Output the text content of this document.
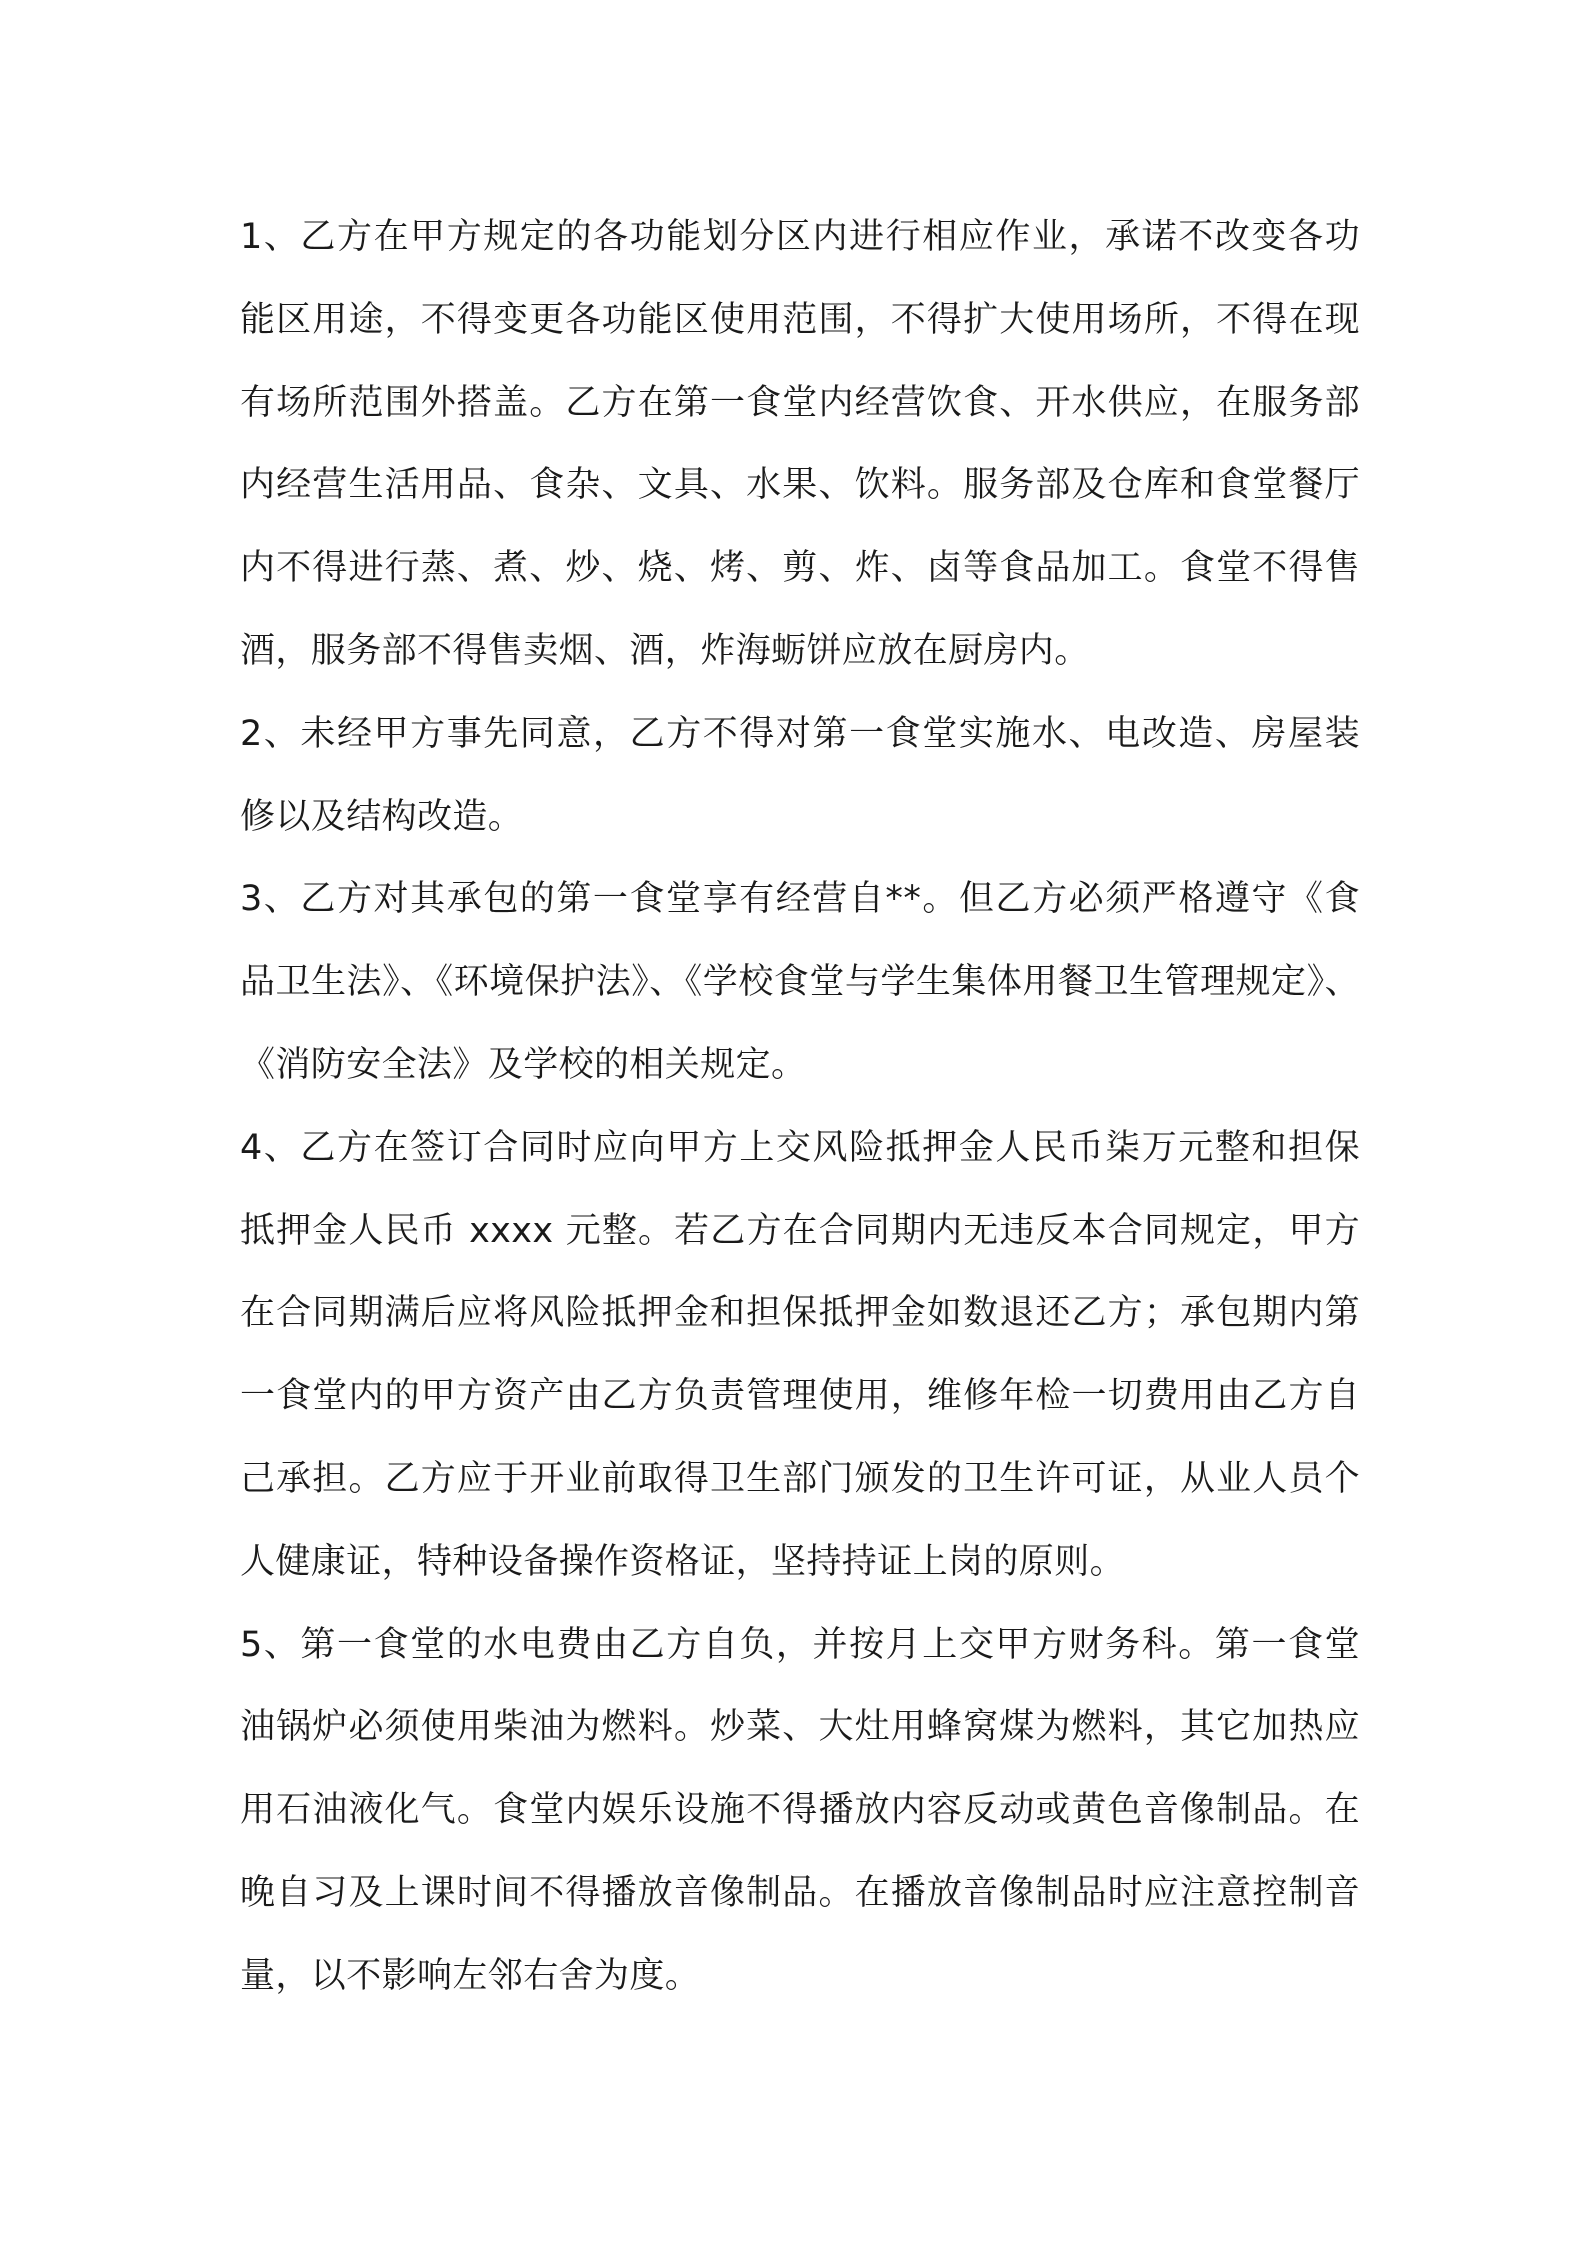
1、乙方在甲方规定的各功能划分区内进行相应作业，承诺不改变各功能区用途，不得变更各功能区使用范围，不得扩大使用场所，不得在现有场所范围外搭盖。乙方在第一食堂内经营饮食、开水供应，在服务部内经营生活用品、食杂、文具、水果、饮料。服务部及仓库和食堂餐厅内不得进行蒸、煮、炒、烧、烤、剪、炸、卤等食品加工。食堂不得售酒，服务部不得售卖烟、酒，炸海蛎饼应放在厨房内。

2、未经甲方事先同意，乙方不得对第一食堂实施水、电改造、房屋装修以及结构改造。

3、乙方对其承包的第一食堂享有经营自**。但乙方必须严格遵守《食品卫生法》、《环境保护法》、《学校食堂与学生集体用餐卫生管理规定》、《消防安全法》及学校的相关规定。

4、乙方在签订合同时应向甲方上交风险抵押金人民币柒万元整和担保抵押金人民币 xxxx 元整。若乙方在合同期内无违反本合同规定，甲方在合同期满后应将风险抵押金和担保抵押金如数退还乙方；承包期内第一食堂内的甲方资产由乙方负责管理使用，维修年检一切费用由乙方自己承担。乙方应于开业前取得卫生部门颁发的卫生许可证，从业人员个人健康证，特种设备操作资格证，坚持持证上岗的原则。

5、第一食堂的水电费由乙方自负，并按月上交甲方财务科。第一食堂油锅炉必须使用柴油为燃料。炒菜、大灶用蜂窝煤为燃料，其它加热应用石油液化气。食堂内娱乐设施不得播放内容反动或黄色音像制品。在晚自习及上课时间不得播放音像制品。在播放音像制品时应注意控制音量，以不影响左邻右舍为度。
